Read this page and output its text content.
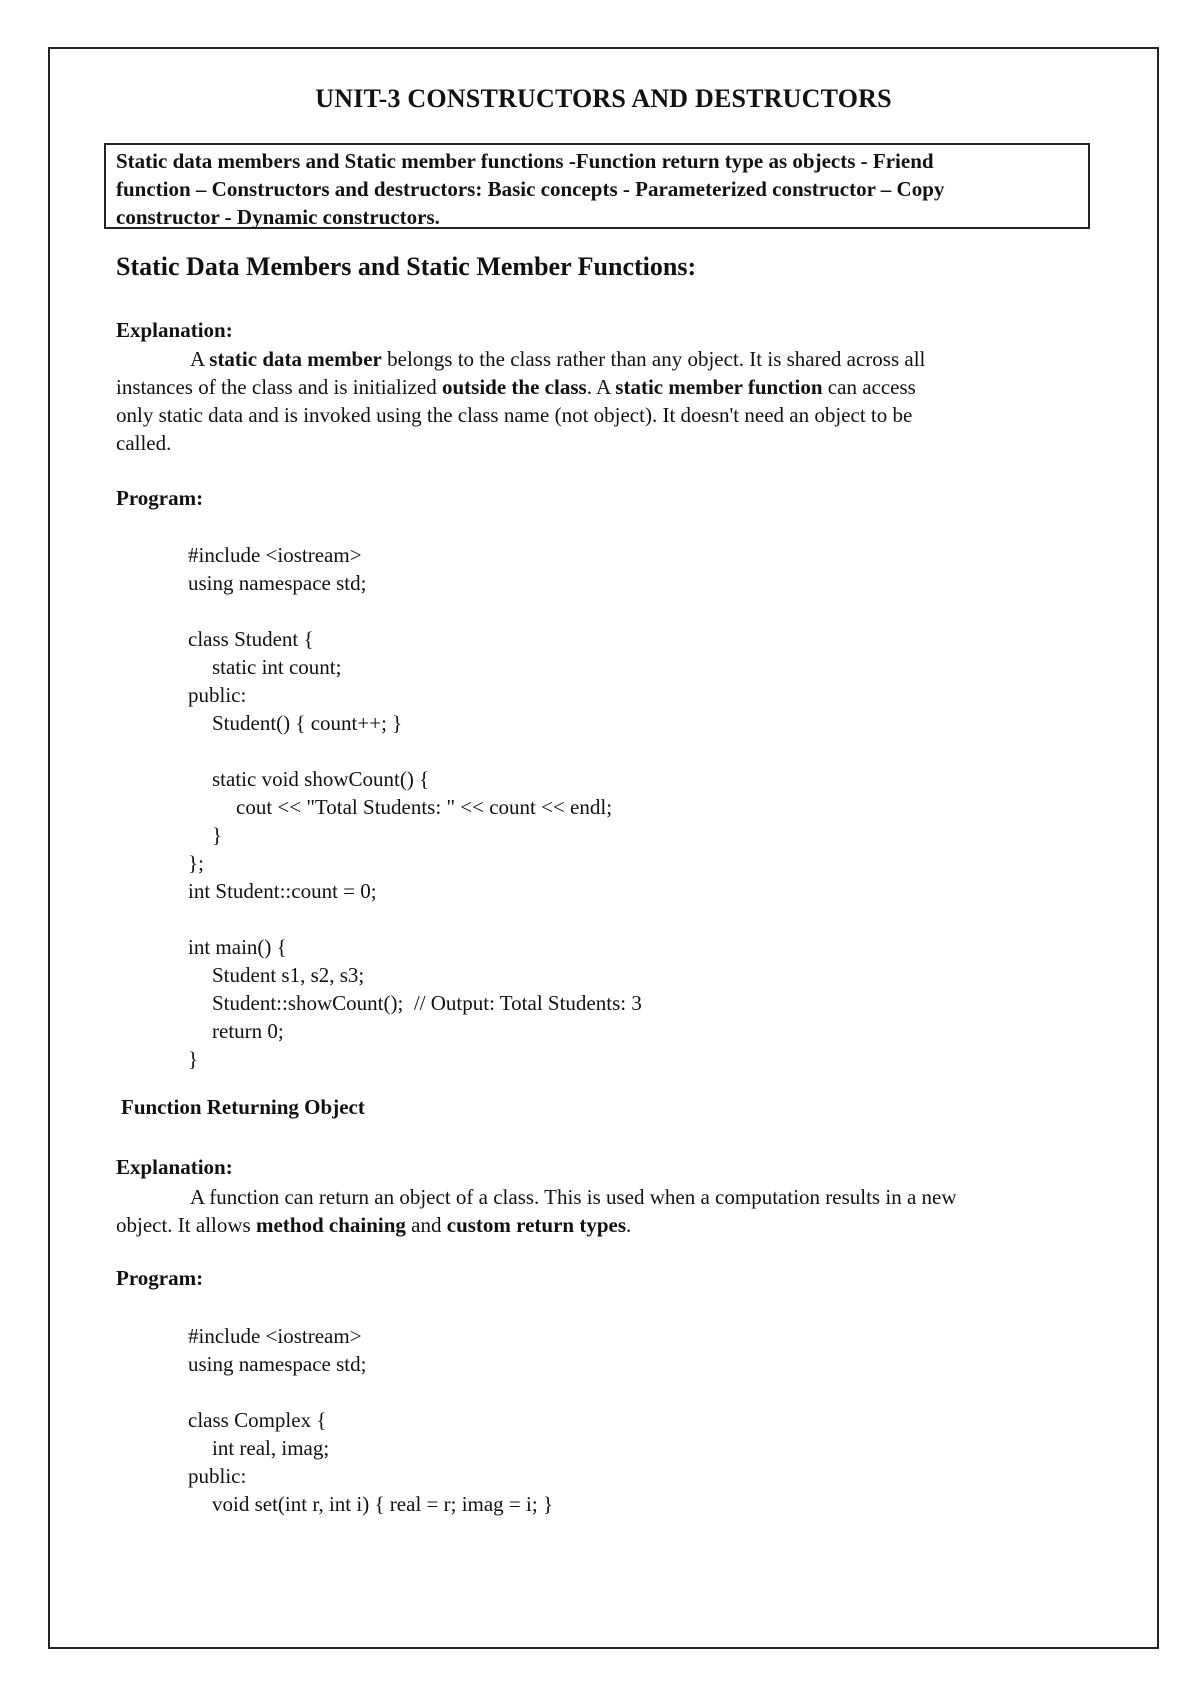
UNIT-3 CONSTRUCTORS AND DESTRUCTORS
Static data members and Static member functions -Function return type as objects - Friend
function – Constructors and destructors: Basic concepts - Parameterized constructor – Copy
constructor - Dynamic constructors.
Static Data Members and Static Member Functions:
Explanation:
A static data member belongs to the class rather than any object. It is shared across all
instances of the class and is initialized outside the class. A static member function can access
only static data and is invoked using the class name (not object). It doesn't need an object to be
called.
Program:
#include <iostream>
using namespace std;
class Student {
static int count;
public:
Student() { count++; }
static void showCount() {
cout << "Total Students: " << count << endl;
}
};
int Student::count = 0;
int main() {
Student s1, s2, s3;
Student::showCount();  // Output: Total Students: 3
return 0;
}
Function Returning Object
Explanation:
A function can return an object of a class. This is used when a computation results in a new
object. It allows method chaining and custom return types.
Program:
#include <iostream>
using namespace std;
class Complex {
int real, imag;
public:
void set(int r, int i) { real = r; imag = i; }
